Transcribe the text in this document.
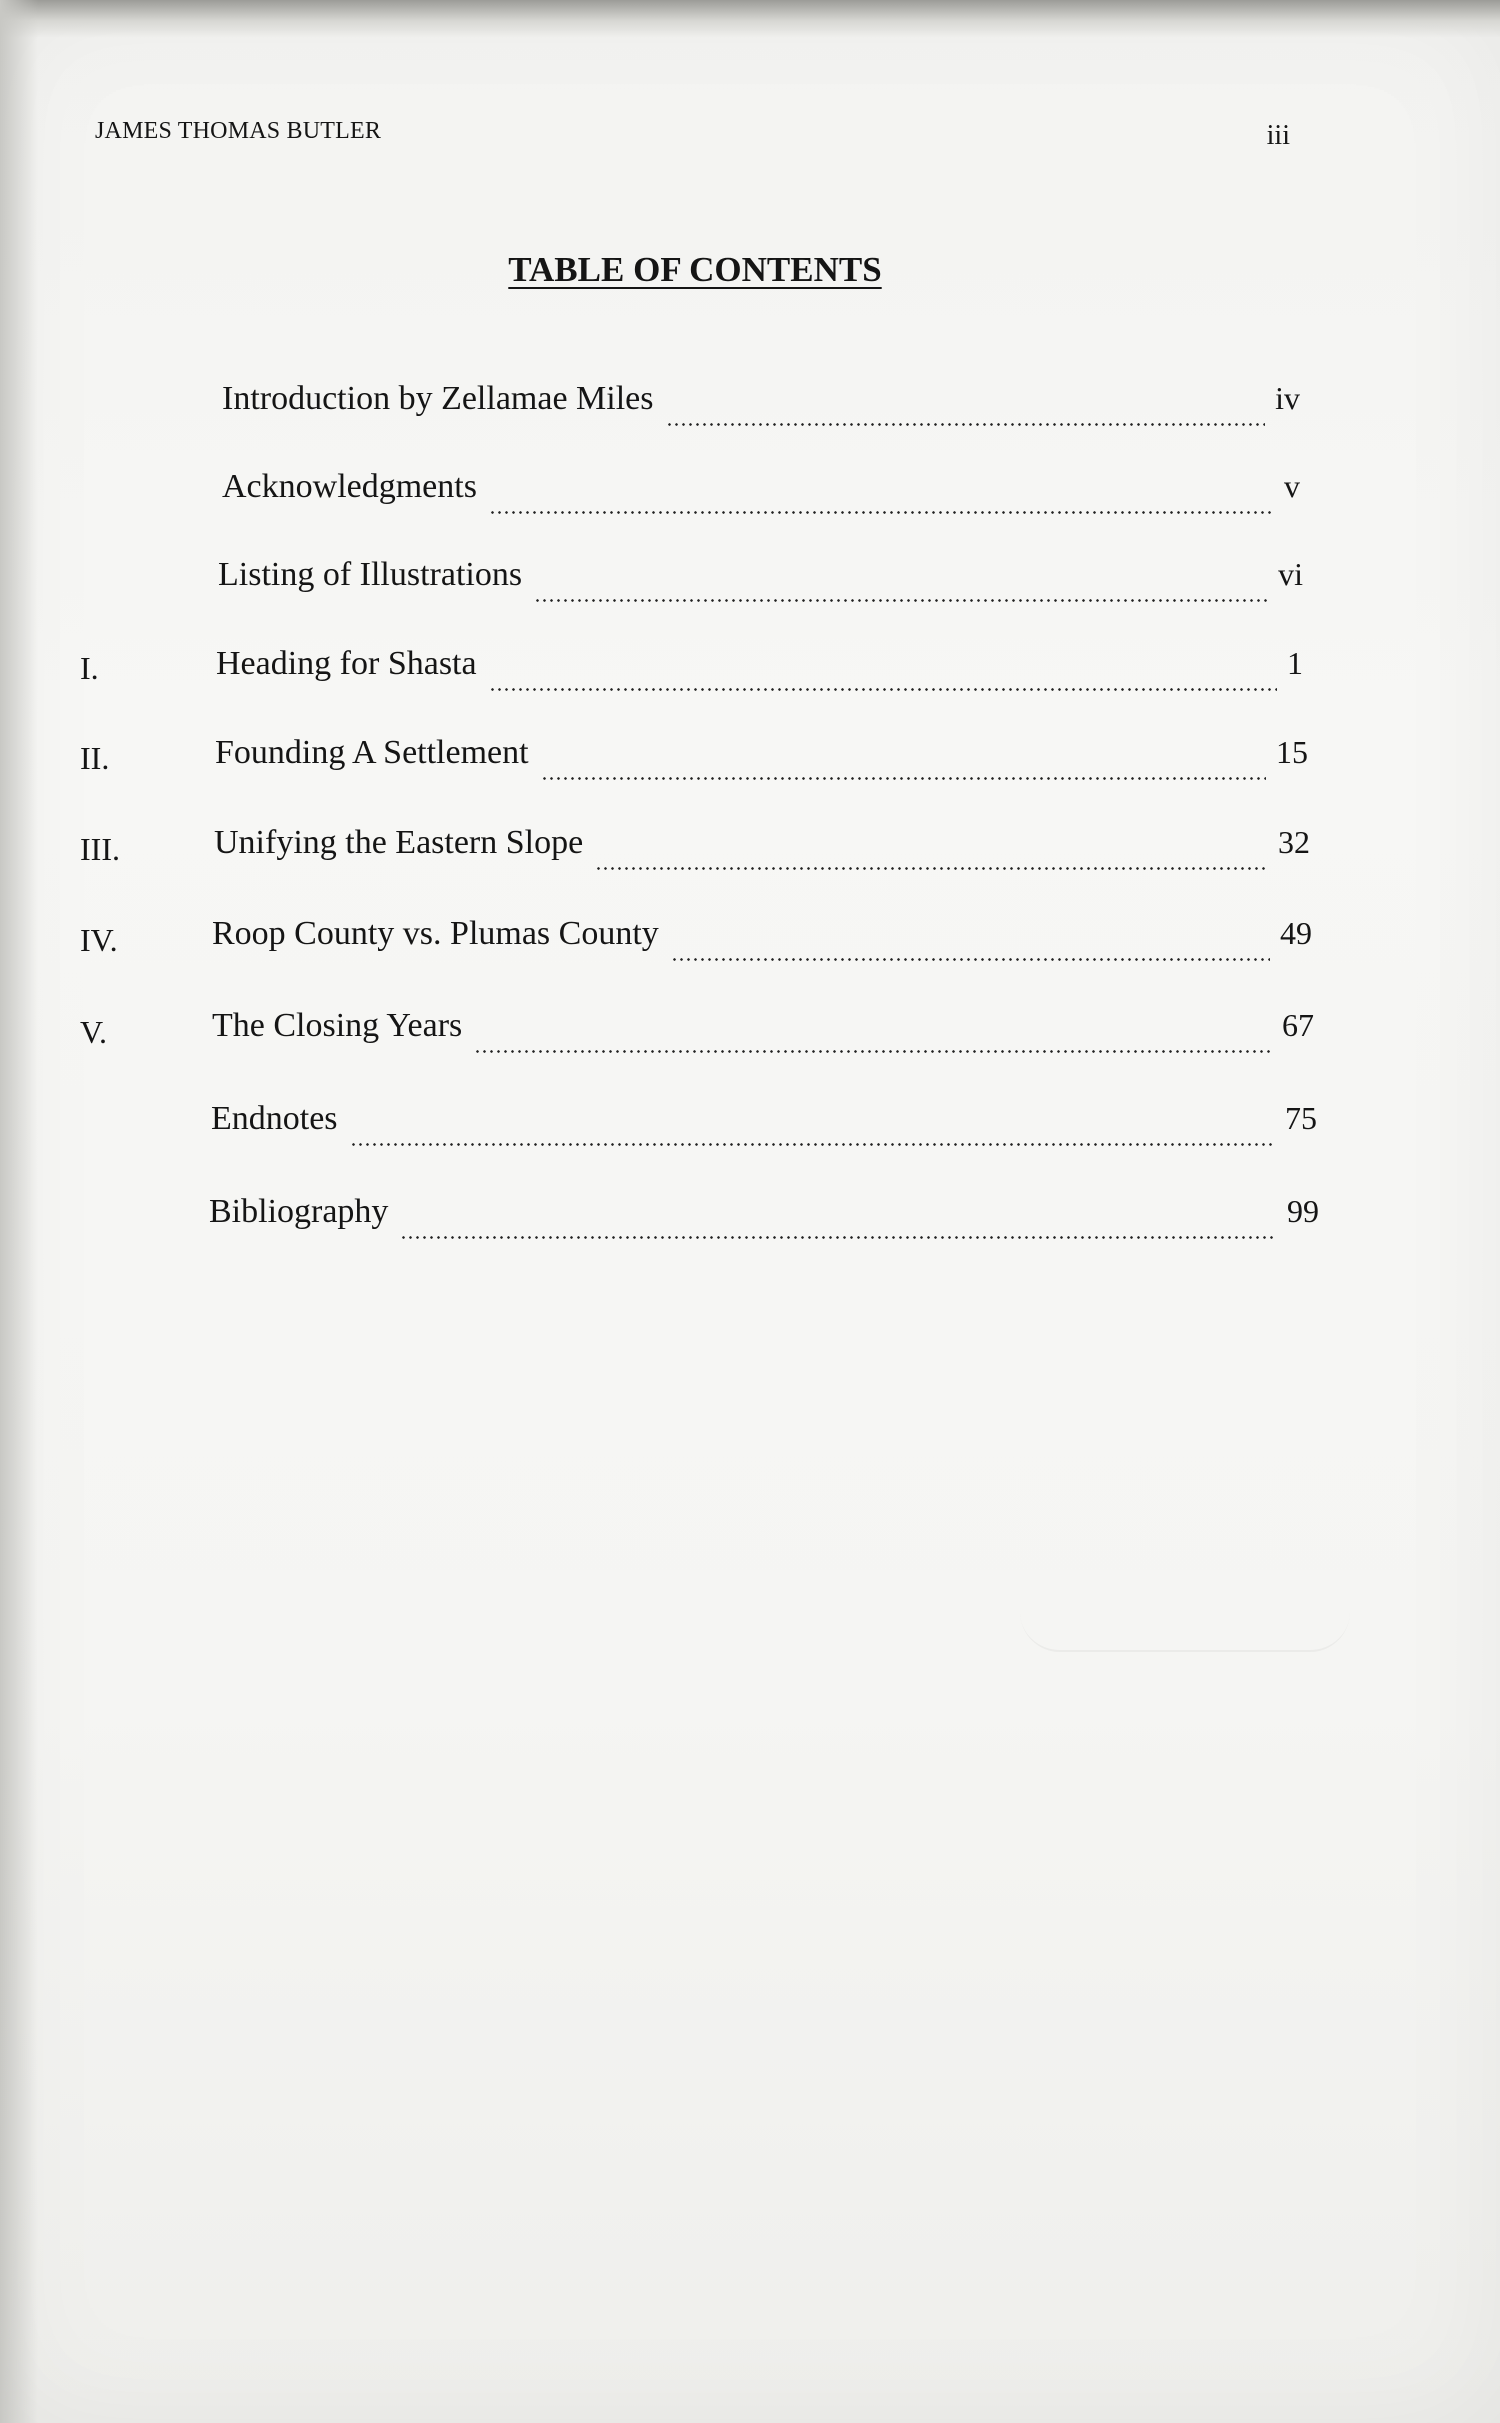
JAMES THOMAS BUTLER	iii
TABLE OF CONTENTS
Introduction by Zellamae Miles	iv
Acknowledgments	v
Listing of Illustrations	vi
I.	Heading for Shasta	1
II.	Founding A Settlement	15
III.	Unifying the Eastern Slope	32
IV.	Roop County vs. Plumas County	49
V.	The Closing Years	67
Endnotes	75
Bibliography	99
